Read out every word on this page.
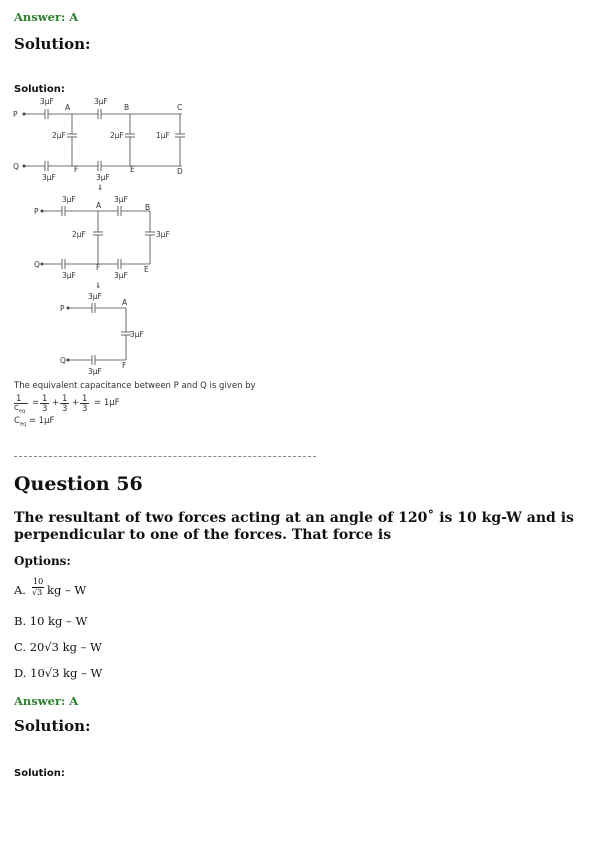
Answer: A
Solution:
Solution:
3µF	3µF
P
A	B	C
2µF	2µF	1µF
Q
3µF
F
3µF
E	D
⇓
3µF	3µF
P
A	B
2µF	3µF
Q
3µF
F
3µF
E
⇓
3µF
P
A
3µF
Q
3µF
F
The equivalent capacitance between P and Q is given by
1
$C_{eq}$
= 1
3
+ 1
3
+ 1
3
= 1µF
$C_{eq} = 1\mu F$
Question 56
The resultant of two forces acting at an angle of 120˚ is 10 kg-W and is perpendicular to one of the forces. That force is
Options:
A.
10
√3 kg – W
B. 10 kg – W
C. 20√3 kg – W
D. 10√3 kg – W
Answer: A
Solution:
Solution:
